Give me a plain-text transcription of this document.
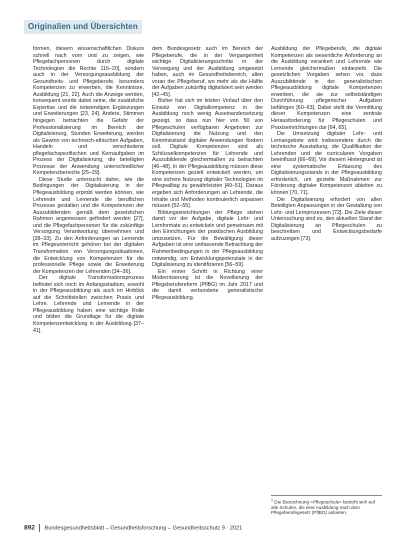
Originalien und Übersichten

formen, diesem wissenschaftlichen Diskurs schnell nach vorn und zu zeigen, wie Pflegefachpersonen durch digitale Technologien die Rechte 115–20], sondern auch in der Versorgungsausbildung der Gesundheits- und Pflegeberufe, besonders Kompetenzen zu erwerben, die Kenntnisse, Ausbildung [21, 22]. Auch die Anzeige werden, konsequent wurde dabei seine, die zusätzliche Expertise und die notwendigen Ergänzungen und Erweiterungen [23, 24]. Andere, Stimmen hingegen betrachten die Gefahr der Professionalisierung im Bereich der Digitalisierung, Stunden Erweiterung, werden als Gewinn von technisch-ethischen Aufgaben, Handeln und verschiedene pflegefachspezifischen und Kernaufgaben im Prozess der Digitalisierung, die beteiligten Prozesse der Anwendung unterschiedlicher Kompetenzbereiche [25–29].

Diese Studie untersucht daher, wie die Bedingungen der Digitalisierung in der Pflegeausbildung erprobt werden können, wie Lehrende und Lernende die beruflichen Prozesse gestalten und die Kompetenzen der Auszubildenden gemäß dem gesetzlichen Rahmen angemessen gefördert werden [27], und die Pflegefachpersonen für die zukünftige Versorgung Verantwortung übernehmen und [28–33]. Zu den Anforderungen an Lernende im Pflegeunterricht gehören bei der digitalen Transformation von Versorgungssituationen, die Entwicklung von Kompetenzen für die professionelle Pflege sowie die Erweiterung der Kompetenzen der Lehrenden [34–36].

Der digitale Transformationsprozess befindet sich noch im Anfangsstadium, sowohl in der Pflegeausbildung als auch im Hinblick auf die Schnittstellen zwischen Praxis und Lehre. Lehrende und Lernende in der Pflegeausbildung haben eine wichtige Rolle und bilden die Grundlage für die digitale Kompetenzentwicklung in der Ausbildung [37–41].

dem Bundesgesetz auch im Bereich der Pflegeberufe, die in der Vergangenheit wichtige Digitalisierungsschritte in der Versorgung und der Ausbildung umgesetzt haben, auch im Gesundheitsbereich, allen voran der Pflegeberuf, wo mehr als die Hälfte der Aufgaben zukünftig digitalisiert sein werden [42–45].

Bisher hat sich im letzten Verlauf über den Einsatz von Digitalkompetenz in der Ausbildung noch wenig Auseinandersetzung gezeigt, so dass nun hier von 50 von Pflegeschulen verfügbaren Angeboten zur Digitalisierung die Nutzung und den Kenntnisstand digitaler Anwendungen fördern soll. Digitale Kompetenzen sind als Schlüsselkompetenzen für Lehrende und Auszubildende gleichermaßen zu betrachten [46–48]. In der Pflegeausbildung müssen diese Kompetenzen gezielt entwickelt werden, um eine sichere Nutzung digitaler Technologien im Pflegealltag zu gewährleisten [49–51]. Daraus ergeben sich Anforderungen an Lehrende, die Inhalte und Methoden kontinuierlich anpassen müssen [52–55].

Bildungseinrichtungen der Pflege stehen damit vor der Aufgabe, digitale Lehr- und Lernformate zu entwickeln und gemeinsam mit den Einrichtungen der praktischen Ausbildung umzusetzen. Für die Bewältigung dieser Aufgaben ist eine umfassende Betrachtung der Rahmenbedingungen in der Pflegeausbildung notwendig, um Entwicklungspotenziale in der Digitalisierung zu identifizieren [56–59].

Ein erster Schritt in Richtung einer Modernisierung ist die Novellierung der Pflegeberufereform (PflBG) im Jahr 2017 und die damit verbundene generalistische Pflegeausbildung.

Ausbildung der Pflegeberufe, die digitale Kompetenzen als wesentliche Anforderung an die Ausbildung verankert und Lehrende wie Lernende gleichermaßen einbezieht. Die gesetzlichen Vorgaben sehen vor, dass Auszubildende in der generalistischen Pflegeausbildung digitale Kompetenzen erwerben, die sie zur selbstständigen Durchführung pflegerischer Aufgaben befähigen [60–63]. Dabei stellt die Vermittlung dieser Kompetenzen eine zentrale Herausforderung für Pflegeschulen und Praxiseinrichtungen dar [64, 65].

Die Umsetzung digitaler Lehr- und Lernangebote wird insbesondere durch die technische Ausstattung, die Qualifikation der Lehrenden und die curricularen Vorgaben beeinflusst [66–69]. Vor diesem Hintergrund ist eine systematische Erfassung des Digitalisierungsstands in der Pflegeausbildung erforderlich, um gezielte Maßnahmen zur Förderung digitaler Kompetenzen ableiten zu können [70, 71].

Die Digitalisierung erfordert von allen Beteiligten Anpassungen in der Gestaltung von Lehr- und Lernprozessen [72]. Die Ziele dieser Untersuchung sind es, den aktuellen Stand der Digitalisierung an Pflegeschulen zu beschreiben und Entwicklungsbedarfe aufzuzeigen [73].

$^1$ Die Bezeichnung »Pflegeschule« bezieht sich auf alle Schulen, die eine Ausbildung nach dem Pflegeberufegesetz (PflBG) anbieten.
892 Bundesgesundheitsblatt – Gesundheitsforschung – Gesundheitsschutz 9 · 2021
